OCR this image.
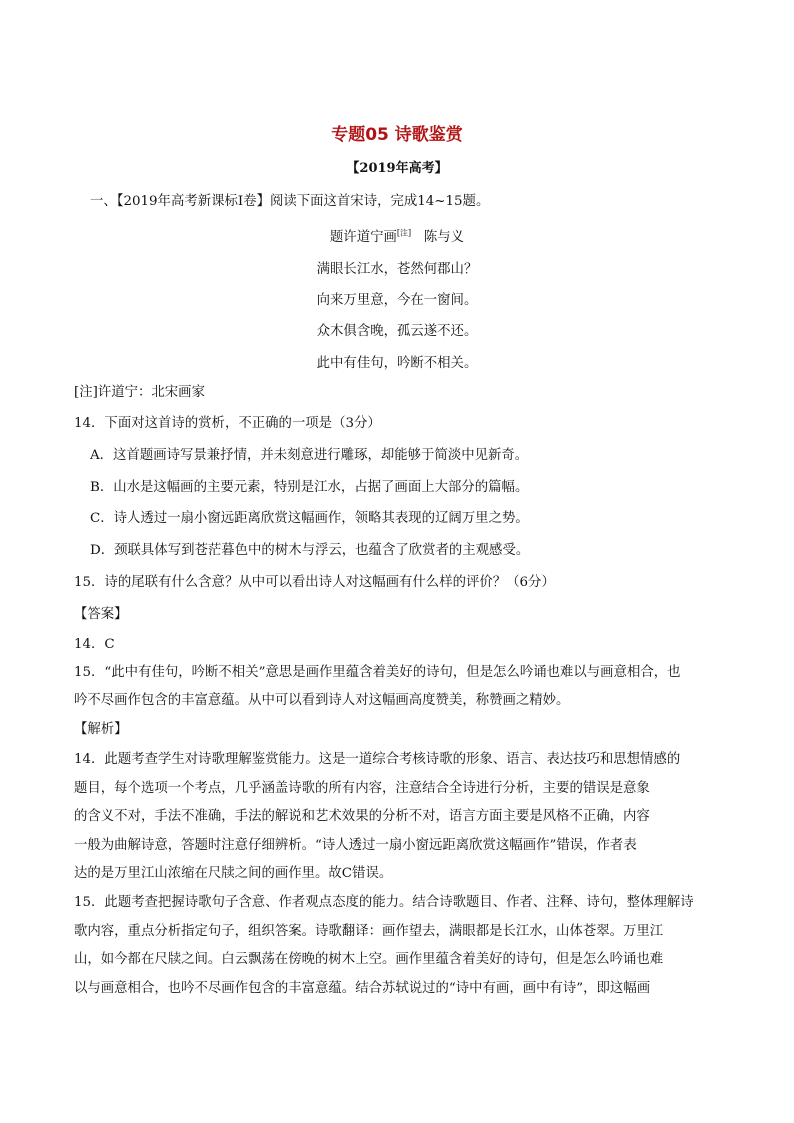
专题05 诗歌鉴赏
【2019年高考】
一、【2019年高考新课标Ⅰ卷】阅读下面这首宋诗，完成14~15题。
题许道宁画[注] 陈与义
满眼长江水，苍然何郡山？
向来万里意，今在一窗间。
众木俱含晚，孤云遂不还。
此中有佳句，吟断不相关。
[注]许道宁：北宋画家
14．下面对这首诗的赏析，不正确的一项是（3分）
A．这首题画诗写景兼抒情，并未刻意进行雕琢，却能够于简淡中见新奇。
B．山水是这幅画的主要元素，特别是江水，占据了画面上大部分的篇幅。
C．诗人透过一扇小窗远距离欣赏这幅画作，领略其表现的辽阔万里之势。
D．颈联具体写到苍茫暮色中的树木与浮云，也蕴含了欣赏者的主观感受。
15．诗的尾联有什么含意？从中可以看出诗人对这幅画有什么样的评价？（6分）
【答案】
14．C
15．“此中有佳句，吟断不相关”意思是画作里蕴含着美好的诗句，但是怎么吟诵也难以与画意相合，也
吟不尽画作包含的丰富意蕴。从中可以看到诗人对这幅画高度赞美，称赞画之精妙。
【解析】
14．此题考查学生对诗歌理解鉴赏能力。这是一道综合考核诗歌的形象、语言、表达技巧和思想情感的
题目，每个选项一个考点，几乎涵盖诗歌的所有内容，注意结合全诗进行分析，主要的错误是意象
的含义不对，手法不准确，手法的解说和艺术效果的分析不对，语言方面主要是风格不正确，内容
一般为曲解诗意，答题时注意仔细辨析。“诗人透过一扇小窗远距离欣赏这幅画作”错误，作者表
达的是万里江山浓缩在尺牍之间的画作里。故C错误。
15．此题考查把握诗歌句子含意、作者观点态度的能力。结合诗歌题目、作者、注释、诗句，整体理解诗
歌内容，重点分析指定句子，组织答案。诗歌翻译：画作望去，满眼都是长江水，山体苍翠。万里江
山，如今都在尺牍之间。白云飘荡在傍晚的树木上空。画作里蕴含着美好的诗句，但是怎么吟诵也难
以与画意相合，也吟不尽画作包含的丰富意蕴。结合苏轼说过的“诗中有画，画中有诗”，即这幅画
